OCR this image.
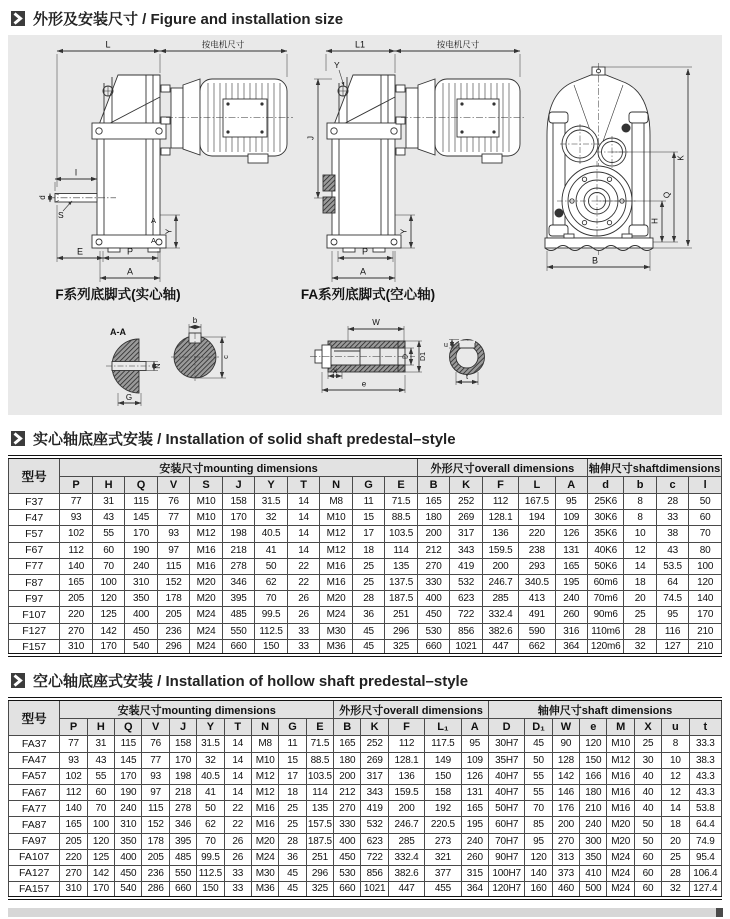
外形及安装尺寸 / Figure and installation size
L	按电机尺寸
l
d
S
E	P
A
Y
A
A
F系列底脚式(实心轴)
L1	按电机尺寸
Y
J
P
A
Y
FA系列底脚式(空心轴)
B
K
Q
H
A-A
G
N
b
c
W
D D1
X
e
u
t
实心轴底座式安装 / Installation of solid shaft predestal–style
型号	安装尺寸mounting dimensions											外形尺寸overall dimensions					轴伸尺寸shaftdimensions			
	P	H	Q	V	S	J	Y	T	N	G	E	B	K	F	L	A	d	b	c	l
F37	77	31	115	76	M10	158	31.5	14	M8	11	71.5	165	252	112	167.5	95	25K6	8	28	50
F47	93	43	145	77	M10	170	32	14	M10	15	88.5	180	269	128.1	194	109	30K6	8	33	60
F57	102	55	170	93	M12	198	40.5	14	M12	17	103.5	200	317	136	220	126	35K6	10	38	70
F67	112	60	190	97	M16	218	41	14	M12	18	114	212	343	159.5	238	131	40K6	12	43	80
F77	140	70	240	115	M16	278	50	22	M16	25	135	270	419	200	293	165	50K6	14	53.5	100
F87	165	100	310	152	M20	346	62	22	M16	25	137.5	330	532	246.7	340.5	195	60m6	18	64	120
F97	205	120	350	178	M20	395	70	26	M20	28	187.5	400	623	285	413	240	70m6	20	74.5	140
F107	220	125	400	205	M24	485	99.5	26	M24	36	251	450	722	332.4	491	260	90m6	25	95	170
F127	270	142	450	236	M24	550	112.5	33	M30	45	296	530	856	382.6	590	316	110m6	28	116	210
F157	310	170	540	296	M24	660	150	33	M36	45	325	660	1021	447	662	364	120m6	32	127	210
空心轴底座式安装 / Installation of hollow shaft predestal–style
型号	安装尺寸mounting dimensions										外形尺寸overall dimensions					轴伸尺寸shaft dimensions							
	P	H	Q	V	J	Y	T	N	G	E	B	K	F	L₁	A	D	D₁	W	e	M	X	u	t
FA37	77	31	115	76	158	31.5	14	M8	11	71.5	165	252	112	117.5	95	30H7	45	90	120	M10	25	8	33.3
FA47	93	43	145	77	170	32	14	M10	15	88.5	180	269	128.1	149	109	35H7	50	128	150	M12	30	10	38.3
FA57	102	55	170	93	198	40.5	14	M12	17	103.5	200	317	136	150	126	40H7	55	142	166	M16	40	12	43.3
FA67	112	60	190	97	218	41	14	M12	18	114	212	343	159.5	158	131	40H7	55	146	180	M16	40	12	43.3
FA77	140	70	240	115	278	50	22	M16	25	135	270	419	200	192	165	50H7	70	176	210	M16	40	14	53.8
FA87	165	100	310	152	346	62	22	M16	25	157.5	330	532	246.7	220.5	195	60H7	85	200	240	M20	50	18	64.4
FA97	205	120	350	178	395	70	26	M20	28	187.5	400	623	285	273	240	70H7	95	270	300	M20	50	20	74.9
FA107	220	125	400	205	485	99.5	26	M24	36	251	450	722	332.4	321	260	90H7	120	313	350	M24	60	25	95.4
FA127	270	142	450	236	550	112.5	33	M30	45	296	530	856	382.6	377	315	100H7	140	373	410	M24	60	28	106.4
FA157	310	170	540	286	660	150	33	M36	45	325	660	1021	447	455	364	120H7	160	460	500	M24	60	32	127.4
